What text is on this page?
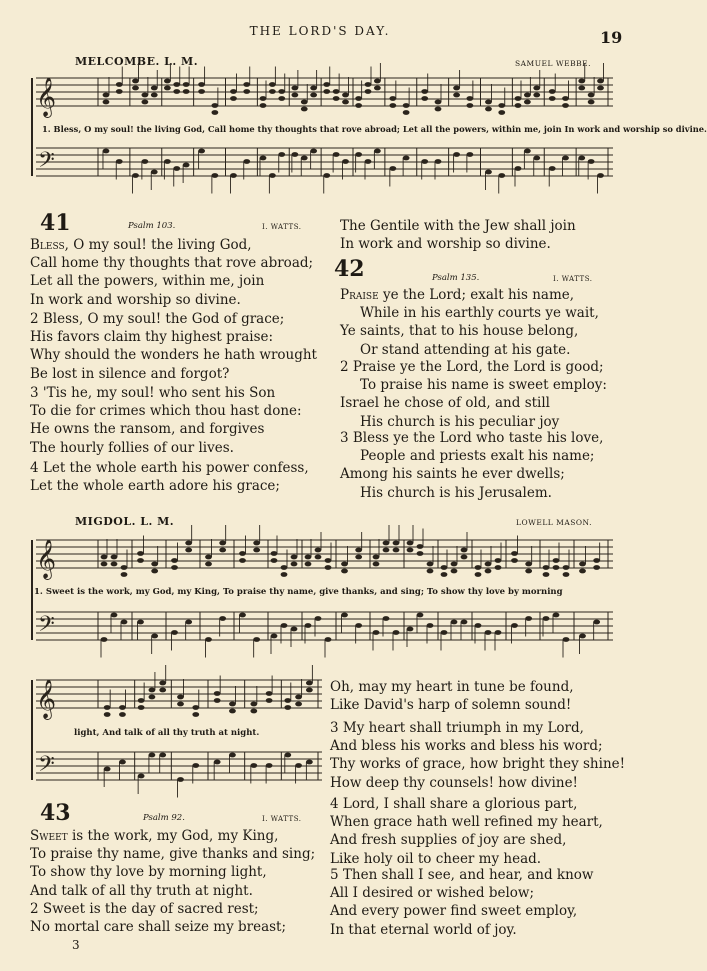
THE LORD'S DAY.	19
MELCOMBE. L. M.	SAMUEL WEBBE.
𝄞
𝄢
1. Bless, O my soul! the living God, Call home thy thoughts that rove abroad; Let all the powers, within me, join In work and worship so divine.
41	Psalm 103.	I. WATTS.
Bless, O my soul! the living God,
Call home thy thoughts that rove abroad;
Let all the powers, within me, join
In work and worship so divine.
2 Bless, O my soul! the God of grace;
His favors claim thy highest praise:
Why should the wonders he hath wrought
Be lost in silence and forgot?
3 'Tis he, my soul! who sent his Son
To die for crimes which thou hast done:
He owns the ransom, and forgives
The hourly follies of our lives.
4 Let the whole earth his power confess,
Let the whole earth adore his grace;
The Gentile with the Jew shall join
In work and worship so divine.
42	Psalm 135.	I. WATTS.
Praise ye the Lord; exalt his name,
While in his earthly courts ye wait,
Ye saints, that to his house belong,
Or stand attending at his gate.
2 Praise ye the Lord, the Lord is good;
To praise his name is sweet employ:
Israel he chose of old, and still
His church is his peculiar joy
3 Bless ye the Lord who taste his love,
People and priests exalt his name;
Among his saints he ever dwells;
His church is his Jerusalem.
MIGDOL. L. M.	LOWELL MASON.
𝄞
𝄢
1. Sweet is the work, my God, my King, To praise thy name, give thanks, and sing; To show thy love by morning
𝄞
𝄢
light, And talk of all thy truth at night.
43	Psalm 92.	I. WATTS.
Sweet is the work, my God, my King,
To praise thy name, give thanks and sing;
To show thy love by morning light,
And talk of all thy truth at night.
2 Sweet is the day of sacred rest;
No mortal care shall seize my breast;
Oh, may my heart in tune be found,
Like David's harp of solemn sound!
3 My heart shall triumph in my Lord,
And bless his works and bless his word;
Thy works of grace, how bright they shine!
How deep thy counsels! how divine!
4 Lord, I shall share a glorious part,
When grace hath well refined my heart,
And fresh supplies of joy are shed,
Like holy oil to cheer my head.
5 Then shall I see, and hear, and know
All I desired or wished below;
And every power find sweet employ,
In that eternal world of joy.
3
